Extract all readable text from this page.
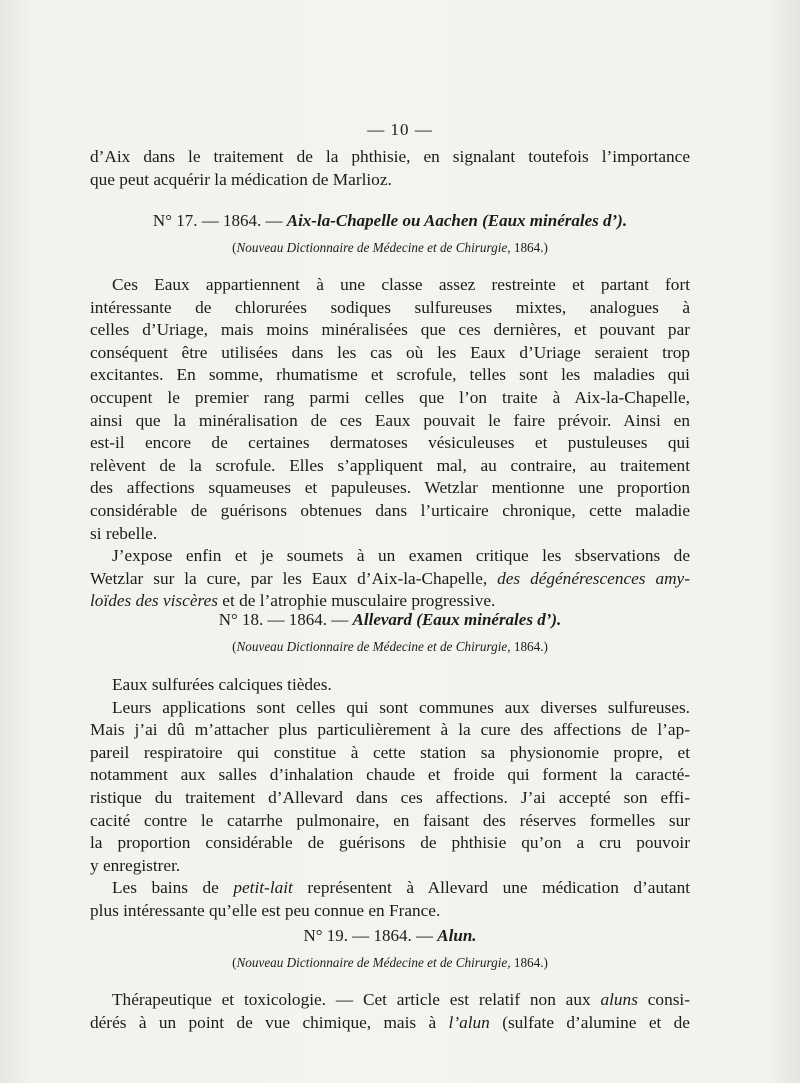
— 10 —

d’Aix dans le traitement de la phthisie, en signalant toutefois l’importance

que peut acquérir la médication de Marlioz.

N° 17. — 1864. — Aix-la-Chapelle ou Aachen (Eaux minérales d’).
(Nouveau Dictionnaire de Médecine et de Chirurgie, 1864.)

Ces Eaux appartiennent à une classe assez restreinte et partant fort

intéressante de chlorurées sodiques sulfureuses mixtes, analogues à

celles d’Uriage, mais moins minéralisées que ces dernières, et pouvant par

conséquent être utilisées dans les cas où les Eaux d’Uriage seraient trop

excitantes. En somme, rhumatisme et scrofule, telles sont les maladies qui

occupent le premier rang parmi celles que l’on traite à Aix-la-Chapelle,

ainsi que la minéralisation de ces Eaux pouvait le faire prévoir. Ainsi en

est-il encore de certaines dermatoses vésiculeuses et pustuleuses qui

relèvent de la scrofule. Elles s’appliquent mal, au contraire, au traitement

des affections squameuses et papuleuses. Wetzlar mentionne une proportion

considérable de guérisons obtenues dans l’urticaire chronique, cette maladie

si rebelle.

J’expose enfin et je soumets à un examen critique les sbservations de

Wetzlar sur la cure, par les Eaux d’Aix-la-Chapelle, des dégénérescences amy-

loïdes des viscères et de l’atrophie musculaire progressive.

N° 18. — 1864. — Allevard (Eaux minérales d’).
(Nouveau Dictionnaire de Médecine et de Chirurgie, 1864.)

Eaux sulfurées calciques tièdes.

Leurs applications sont celles qui sont communes aux diverses sulfureuses.

Mais j’ai dû m’attacher plus particulièrement à la cure des affections de l’ap-

pareil respiratoire qui constitue à cette station sa physionomie propre, et

notamment aux salles d’inhalation chaude et froide qui forment la caracté-

ristique du traitement d’Allevard dans ces affections. J’ai accepté son effi-

cacité contre le catarrhe pulmonaire, en faisant des réserves formelles sur

la proportion considérable de guérisons de phthisie qu’on a cru pouvoir

y enregistrer.

Les bains de petit-lait représentent à Allevard une médication d’autant

plus intéressante qu’elle est peu connue en France.

N° 19. — 1864. — Alun.
(Nouveau Dictionnaire de Médecine et de Chirurgie, 1864.)

Thérapeutique et toxicologie. — Cet article est relatif non aux aluns consi-

dérés à un point de vue chimique, mais à l’alun (sulfate d’alumine et de
